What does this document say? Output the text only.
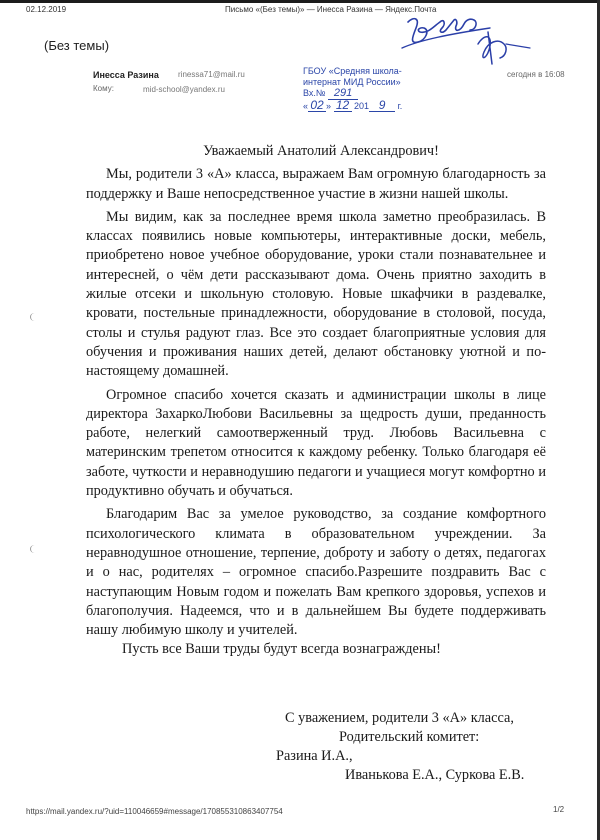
02.12.2019	Письмо «(Без темы)» — Инесса Разина — Яндекс.Почта
(Без темы)
Инесса Разина rinessa71@mail.ru
Кому:	mid-school@yandex.ru
сегодня в 16:08
ГБОУ «Средняя школа-
интернат МИД России»
Вх.№ 291
« 02 » 12 201 9 г.

Уважаемый Анатолий Александрович!

Мы, родители 3 «А» класса, выражаем Вам огромную благодарность за поддержку и Ваше непосредственное участие в жизни нашей школы.

Мы видим, как за последнее время школа заметно преобразилась. В классах появились новые компьютеры, интерактивные доски, мебель, приобретено новое учебное оборудование, уроки стали познавательнее и интересней, о чём дети рассказывают дома. Очень приятно заходить в жилые отсеки и школьную столовую. Новые шкафчики в раздевалке, кровати, постельные принадлежности, оборудование в столовой, посуда, столы и стулья радуют глаз. Все это создает благоприятные условия для обучения и проживания наших детей, делают обстановку уютной и по-настоящему домашней.

Огромное спасибо хочется сказать и администрации школы в лице директора ЗахаркоЛюбови Васильевны за щедрость души, преданность работе, нелегкий самоотверженный труд. Любовь Васильевна с материнским трепетом относится к каждому ребенку. Только благодаря её заботе, чуткости и неравнодушию педагоги и учащиеся могут комфортно и продуктивно обучать и обучаться.

Благодарим Вас за умелое руководство, за создание комфортного психологического климата в образовательном учреждении. За неравнодушное отношение, терпение, доброту и заботу о детях, педагогах и о нас, родителях – огромное спасибо.Разрешите поздравить Вас с наступающим Новым годом и пожелать Вам крепкого здоровья, успехов и благополучия. Надеемся, что и в дальнейшем Вы будете поддерживать нашу любимую школу и учителей.

Пусть все Ваши труды будут всегда вознаграждены!

С уважением, родители 3 «А» класса,
Родительский комитет:
Разина И.А.,
Иванькова Е.А., Суркова Е.В.
https://mail.yandex.ru/?uid=110046659#message/170855310863407754	1/2
